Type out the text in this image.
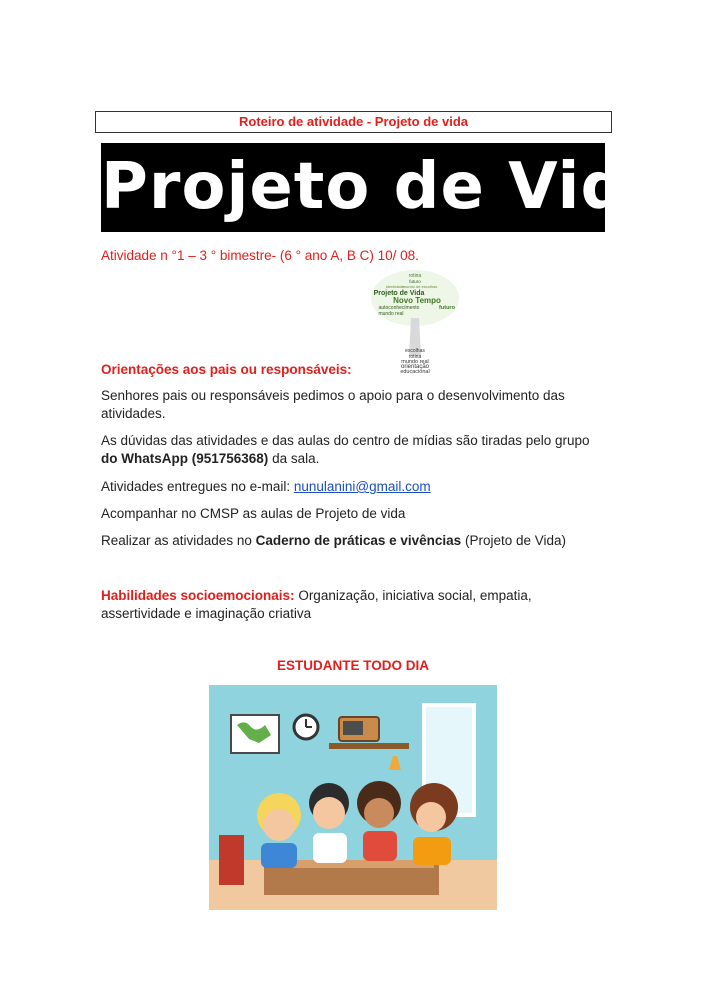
Roteiro de atividade - Projeto de vida
Projeto de Vida
Atividade n °1 – 3 ° bimestre- (6 ° ano A, B C) 10/ 08.
rotina
futuro
mundo de escolhas
identidade
Projeto de Vida
Novo Tempo
autoconhecimento	futuro
mundo real
escolhas
rotina
mundo real
orientação
educacional
Orientações aos pais ou responsáveis:
Senhores pais ou responsáveis pedimos o apoio para o desenvolvimento das atividades.
As dúvidas das atividades e das aulas do centro de mídias são tiradas pelo grupo do WhatsApp (951756368) da sala.
Atividades entregues no e-mail: nunulanini@gmail.com
Acompanhar no CMSP as aulas de Projeto de vida
Realizar as atividades no Caderno de práticas e vivências (Projeto de Vida)
Habilidades socioemocionais: Organização, iniciativa social, empatia, assertividade e imaginação criativa
ESTUDANTE TODO DIA
